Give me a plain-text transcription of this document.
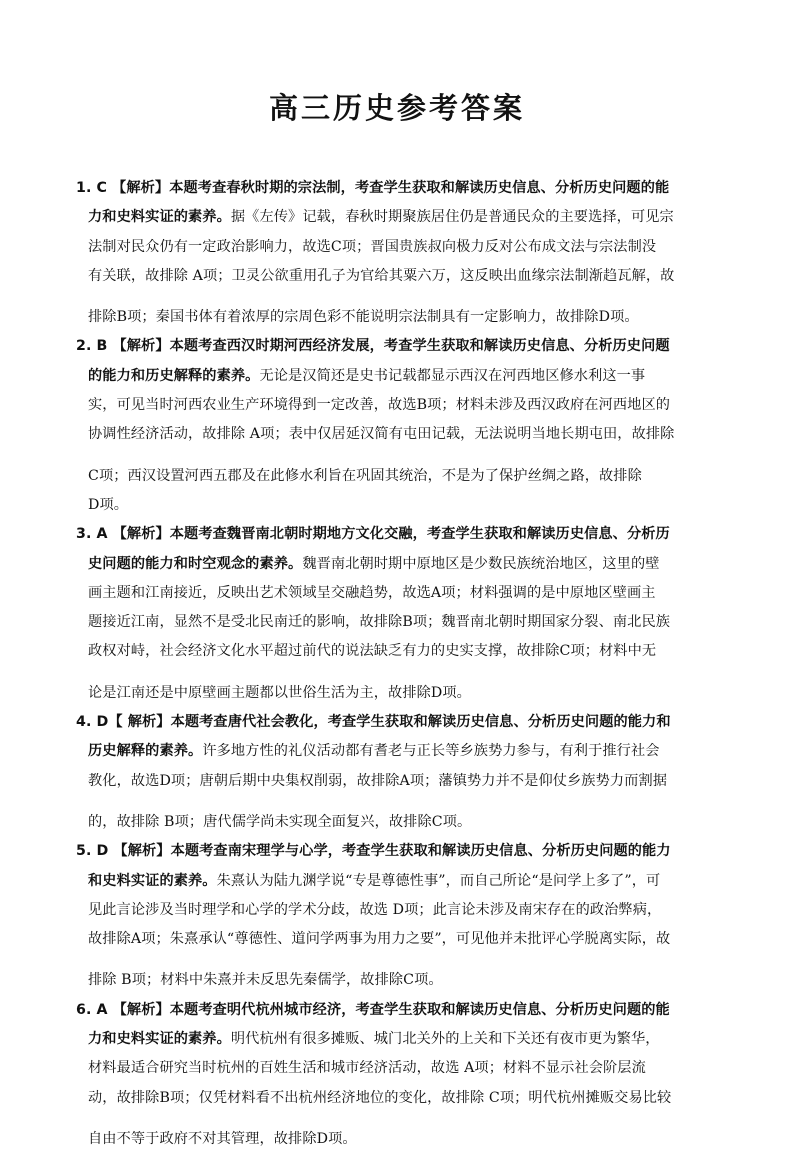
高三历史参考答案
1. C 【解析】本题考查春秋时期的宗法制，考查学生获取和解读历史信息、分析历史问题的能
力和史料实证的素养。据《左传》记载，春秋时期聚族居住仍是普通民众的主要选择，可见宗
法制对民众仍有一定政治影响力，故选C项；晋国贵族叔向极力反对公布成文法与宗法制没
有关联，故排除 A项；卫灵公欲重用孔子为官给其粟六万，这反映出血缘宗法制渐趋瓦解，故
排除B项；秦国书体有着浓厚的宗周色彩不能说明宗法制具有一定影响力，故排除D项。
2. B 【解析】本题考查西汉时期河西经济发展，考查学生获取和解读历史信息、分析历史问题
的能力和历史解释的素养。无论是汉简还是史书记载都显示西汉在河西地区修水利这一事
实，可见当时河西农业生产环境得到一定改善，故选B项；材料未涉及西汉政府在河西地区的
协调性经济活动，故排除 A项；表中仅居延汉简有屯田记载，无法说明当地长期屯田，故排除
C项；西汉设置河西五郡及在此修水利旨在巩固其统治，不是为了保护丝绸之路，故排除
D项。
3. A 【解析】本题考查魏晋南北朝时期地方文化交融，考查学生获取和解读历史信息、分析历
史问题的能力和时空观念的素养。魏晋南北朝时期中原地区是少数民族统治地区，这里的壁
画主题和江南接近，反映出艺术领域呈交融趋势，故选A项；材料强调的是中原地区壁画主
题接近江南，显然不是受北民南迁的影响，故排除B项；魏晋南北朝时期国家分裂、南北民族
政权对峙，社会经济文化水平超过前代的说法缺乏有力的史实支撑，故排除C项；材料中无
论是江南还是中原壁画主题都以世俗生活为主，故排除D项。
4. D【 解析】本题考查唐代社会教化，考查学生获取和解读历史信息、分析历史问题的能力和
历史解释的素养。许多地方性的礼仪活动都有耆老与正长等乡族势力参与，有利于推行社会
教化，故选D项；唐朝后期中央集权削弱，故排除A项；藩镇势力并不是仰仗乡族势力而割据
的，故排除 B项；唐代儒学尚未实现全面复兴，故排除C项。
5. D 【解析】本题考查南宋理学与心学，考查学生获取和解读历史信息、分析历史问题的能力
和史料实证的素养。朱熹认为陆九渊学说“专是尊德性事”，而自己所论“是问学上多了”，可
见此言论涉及当时理学和心学的学术分歧，故选 D项；此言论未涉及南宋存在的政治弊病，
故排除A项；朱熹承认“尊德性、道问学两事为用力之要”，可见他并未批评心学脱离实际，故
排除 B项；材料中朱熹并未反思先秦儒学，故排除C项。
6. A 【解析】本题考查明代杭州城市经济，考查学生获取和解读历史信息、分析历史问题的能
力和史料实证的素养。明代杭州有很多摊贩、城门北关外的上关和下关还有夜市更为繁华，
材料最适合研究当时杭州的百姓生活和城市经济活动，故选 A项；材料不显示社会阶层流
动，故排除B项；仅凭材料看不出杭州经济地位的变化，故排除 C项；明代杭州摊贩交易比较
自由不等于政府不对其管理，故排除D项。
